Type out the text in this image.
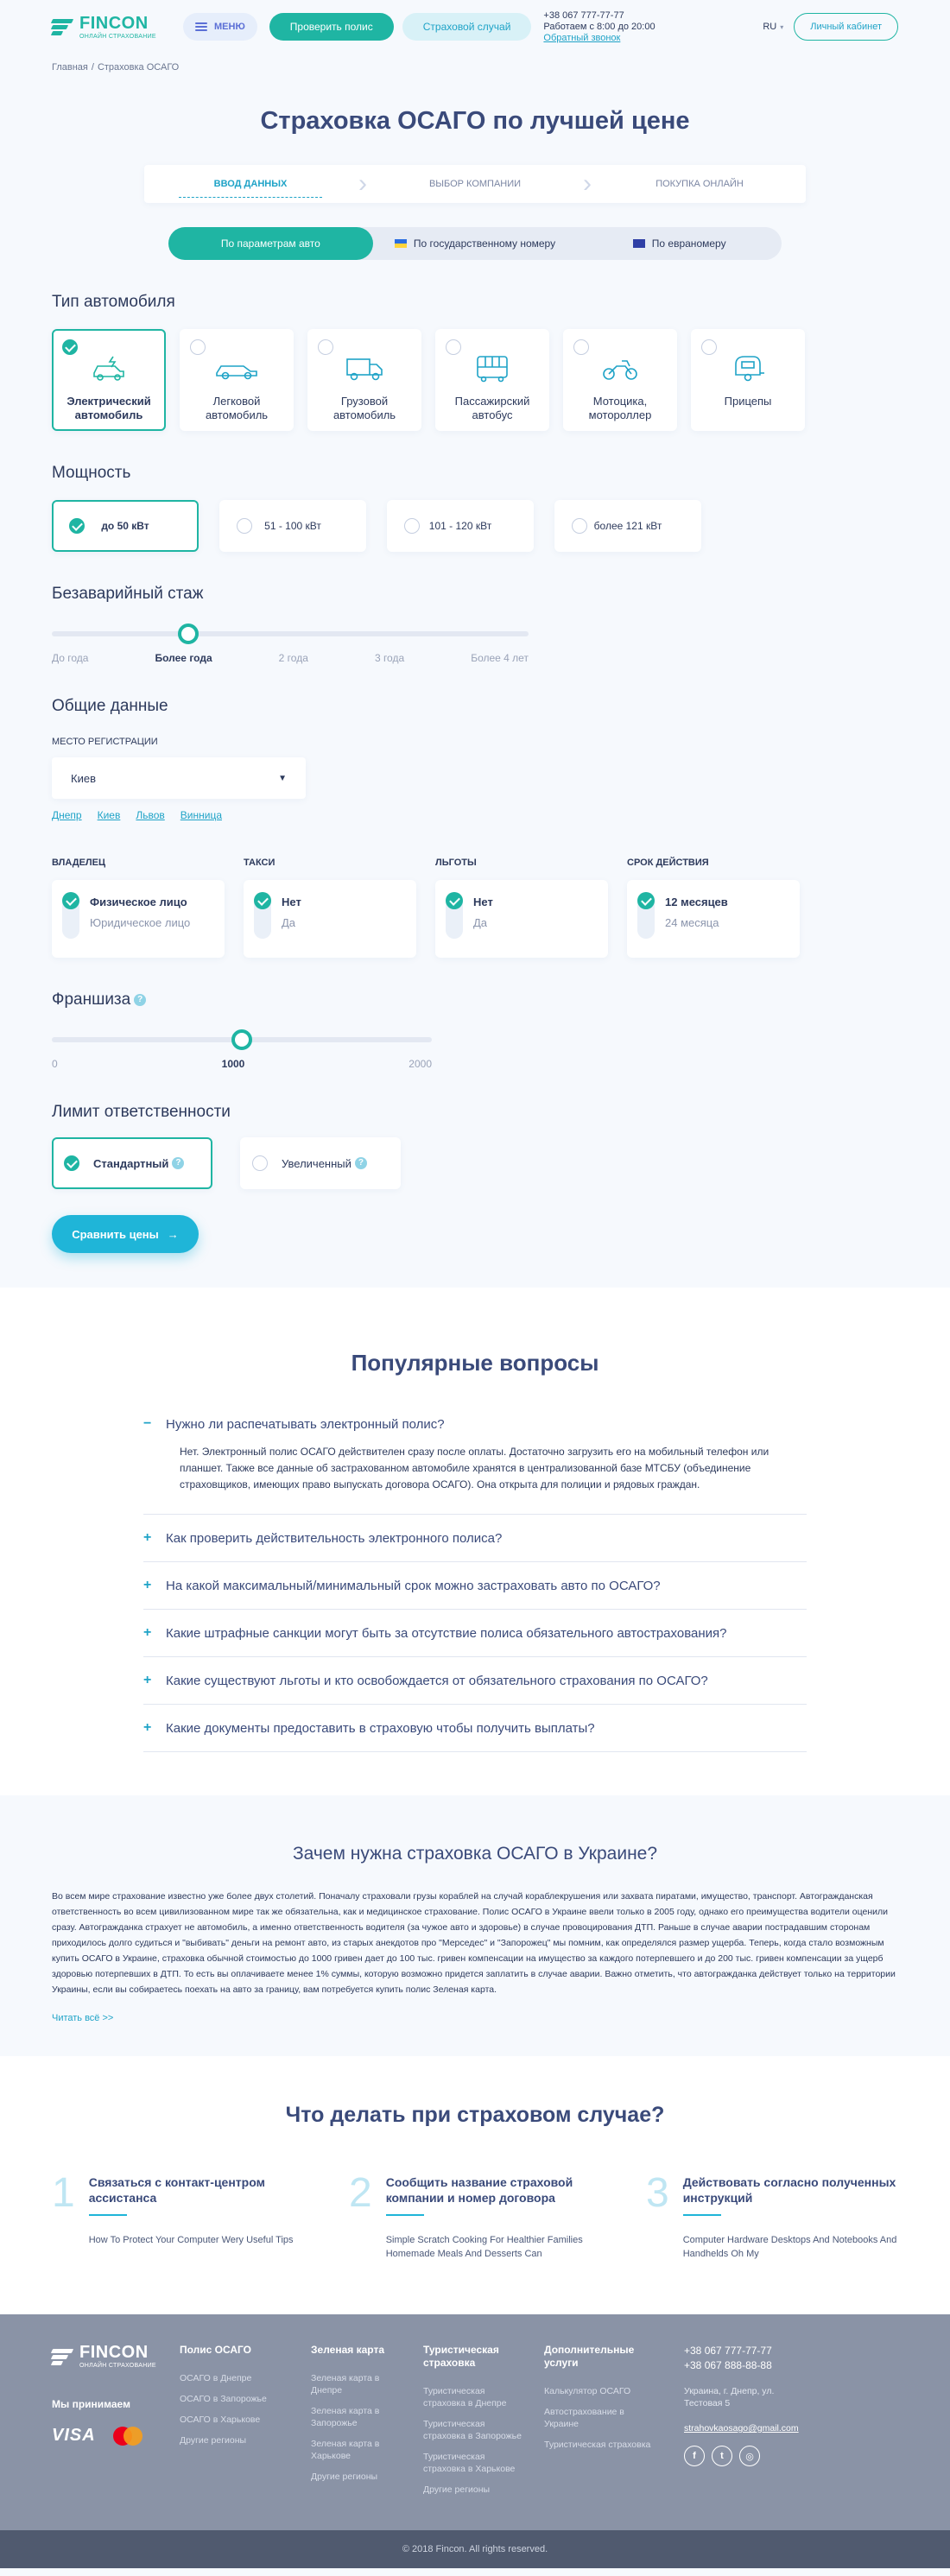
FINCON
ОНЛАЙН СТРАХОВАНИЕ
МЕНЮ	Проверить полис	Страховой случай
+38 067 777-77-77
Работаем с 8:00 до 20:00
Обратный звонок
RU ▾	Личный кабинет
Главная / Страховка ОСАГО
Страховка ОСАГО по лучшей цене
ВВОД ДАННЫХ	›	ВЫБОР КОМПАНИИ	›	ПОКУПКА ОНЛАЙН
По параметрам авто	По государственному номеру	По евраномеру
Тип автомобиля
Электрический автомобиль
Легковой автомобиль
Грузовой автомобиль
Пассажирский автобус
Мотоцика, мотороллер
Прицепы
Мощность
до 50 кВт	51 - 100 кВт	101 - 120 кВт	более 121 кВт
Безаварийный стаж
До года	Более года	2 года	3 года	Более 4 лет
Общие данные
МЕСТО РЕГИСТРАЦИИ
Киев	▼
Днепр Киев Львов Винница
ВЛАДЕЛЕЦ
Физическое лицо
Юридическое лицо
ТАКСИ
Нет
Да
ЛЬГОТЫ
Нет
Да
СРОК ДЕЙСТВИЯ
12 месяцев
24 месяца
Франшиза ?
0	1000	2000
Лимит ответственности
Стандартный ?	Увеличенный ?
Сравнить цены →
Популярные вопросы
− Нужно ли распечатывать электронный полис?
Нет. Электронный полис ОСАГО действителен сразу после оплаты. Достаточно загрузить его на мобильный телефон или планшет. Также все данные об застрахованном автомобиле хранятся в централизованной базе МТСБУ (объединение страховщиков, имеющих право выпускать договора ОСАГО). Она открыта для полиции и рядовых граждан.
+ Как проверить действительность электронного полиса?
+ На какой максимальный/минимальный срок можно застраховать авто по ОСАГО?
+ Какие штрафные санкции могут быть за отсутствие полиса обязательного автострахования?
+ Какие существуют льготы и кто освобождается от обязательного страхования по ОСАГО?
+ Какие документы предоставить в страховую чтобы получить выплаты?
Зачем нужна страховка ОСАГО в Украине?
Во всем мире страхование известно уже более двух столетий. Поначалу страховали грузы кораблей на случай кораблекрушения или захвата пиратами, имущество, транспорт. Автогражданская ответственность во всем цивилизованном мире так же обязательна, как и медицинское страхование. Полис ОСАГО в Украине ввели только в 2005 году, однако его преимущества водители оценили сразу. Автогражданка страхует не автомобиль, а именно ответственность водителя (за чужое авто и здоровье) в случае провоцирования ДТП. Раньше в случае аварии пострадавшим сторонам приходилось долго судиться и "выбивать" деньги на ремонт авто, из старых анекдотов про "Мерседес" и "Запорожец" мы помним, как определялся размер ущерба. Теперь, когда стало возможным купить ОСАГО в Украине, страховка обычной стоимостью до 1000 гривен дает до 100 тыс. гривен компенсации на имущество за каждого потерпевшего и до 200 тыс. гривен компенсации за ущерб здоровью потерпевших в ДТП. То есть вы оплачиваете менее 1% суммы, которую возможно придется заплатить в случае аварии. Важно отметить, что автогражданка действует только на территории Украины, если вы собираетесь поехать на авто за границу, вам потребуется купить полис Зеленая карта.
Читать всё >>
Что делать при страховом случае?
1 Связаться с контакт-центром ассистанса
How To Protect Your Computer Wery Useful Tips
2 Сообщить название страховой компании и номер договора
Simple Scratch Cooking For Healthier Families Homemade Meals And Desserts Can
3 Действовать согласно полученных инструкций
Computer Hardware Desktops And Notebooks And Handhelds Oh My
FINCON
ОНЛАЙН СТРАХОВАНИЕ
Мы принимаем
VISA
Полис ОСАГО
ОСАГО в Днепре
ОСАГО в Запорожье
ОСАГО в Харькове
Другие регионы
Зеленая карта
Зеленая карта в Днепре
Зеленая карта в Запорожье
Зеленая карта в Харькове
Другие регионы
Туристическая страховка
Туристическая страховка в Днепре
Туристическая страховка в Запорожье
Туристическая страховка в Харькове
Другие регионы
Дополнительные услуги
Калькулятор ОСАГО
Автострахование в Украине
Туристическая страховка
+38 067 777-77-77
+38 067 888-88-88
Украина, г. Днепр, ул. Тестовая 5
strahovkaosago@gmail.com
f	t	◎
© 2018 Fincon. All rights reserved.
